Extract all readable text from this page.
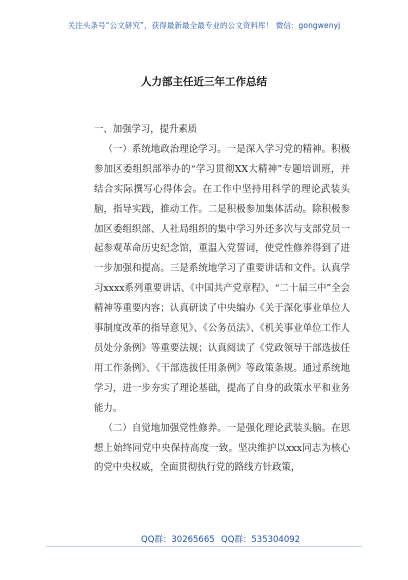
关注头条号“公文研究”，获得最新最全最专业的公文资料库！ 微信：gongwenyj
人力部主任近三年工作总结

一、加强学习，提升素质

（一）系统地政治理论学习。一是深入学习党的精神。积极参加区委组织部举办的“学习贯彻XX大精神”专题培训班，并结合实际撰写心得体会。在工作中坚持用科学的理论武装头脑，指导实践，推动工作。二是积极参加集体活动。除积极参加区委组织部、人社局组织的集中学习外还多次与支部党员一起参观革命历史纪念馆，重温入党誓词，使党性修养得到了进一步加强和提高。三是系统地学习了重要讲话和文件。认真学习xxxx系列重要讲话、《中国共产党章程》、“二十届三中”全会精神等重要内容；认真研读了中央编办《关于深化事业单位人事制度改革的指导意见》、《公务员法》、《机关事业单位工作人员处分条例》等重要法规；认真阅读了《党政领导干部选拔任用工作条例》、《干部选拔任用条例》等政策条规。通过系统地学习，进一步夯实了理论基础，提高了自身的政策水平和业务能力。

（二）自觉地加强党性修养。一是强化理论武装头脑。在思想上始终同党中央保持高度一致。坚决维护以xxx同志为核心的党中央权威，全面贯彻执行党的路线方针政策，

QQ群：30265665 QQ群：535304092
